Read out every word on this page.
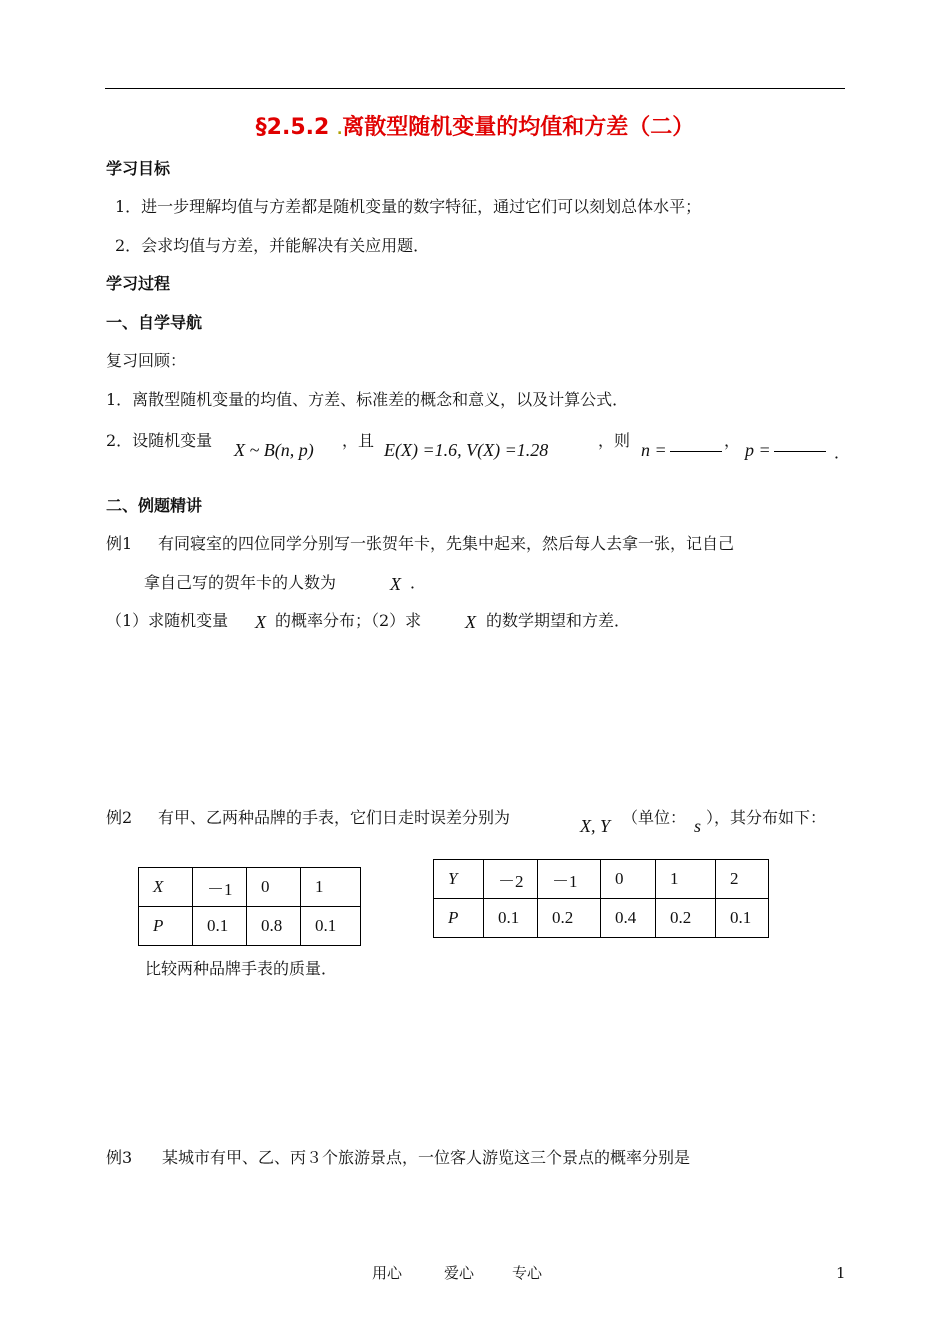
§2.5.2 .离散型随机变量的均值和方差（二）
学习目标
1．进一步理解均值与方差都是随机变量的数字特征，通过它们可以刻划总体水平；
2．会求均值与方差，并能解决有关应用题．
学习过程
一、自学导航
复习回顾：
1．离散型随机变量的均值、方差、标准差的概念和意义，以及计算公式．
2．设随机变量 X ~ B(n, p) ，且 E(X) =1.6, V(X) =1.28	，则 n =	， p =	．
二、例题精讲
例1 有同寝室的四位同学分别写一张贺年卡，先集中起来，然后每人去拿一张，记自己
拿自己写的贺年卡的人数为	X ．
（1）求随机变量 X 的概率分布；（2）求 X 的数学期望和方差．
例2 有甲、乙两种品牌的手表，它们日走时误差分别为	X, Y （单位： s ），其分布如下：
X	－1	0	1
P	0.1	0.8	0.1
Y	－2	－1	0	1	2
P	0.1	0.2	0.4	0.2	0.1
比较两种品牌手表的质量．
例3 某城市有甲、乙、丙３个旅游景点，一位客人游览这三个景点的概率分别是
用心	爱心	专心	1
